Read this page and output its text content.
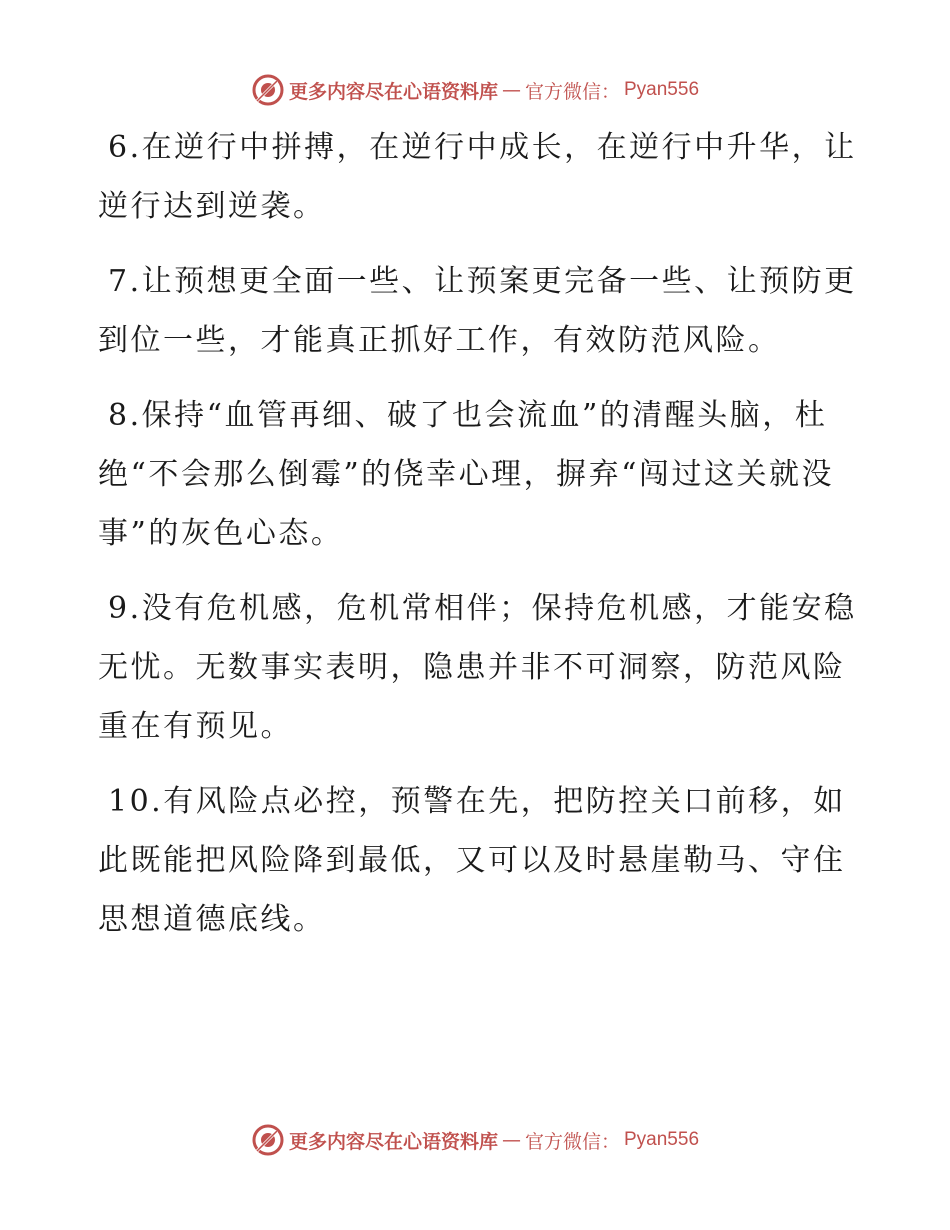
更多内容尽在心语资料库 — 官方微信： Pyan556

6.在逆行中拼搏，在逆行中成长，在逆行中升华，让逆行达到逆袭。

7.让预想更全面一些、让预案更完备一些、让预防更到位一些，才能真正抓好工作，有效防范风险。

8.保持“血管再细、破了也会流血”的清醒头脑，杜绝“不会那么倒霉”的侥幸心理，摒弃“闯过这关就没事”的灰色心态。

9.没有危机感，危机常相伴；保持危机感，才能安稳无忧。无数事实表明，隐患并非不可洞察，防范风险重在有预见。

10.有风险点必控，预警在先，把防控关口前移，如此既能把风险降到最低，又可以及时悬崖勒马、守住思想道德底线。

更多内容尽在心语资料库 — 官方微信： Pyan556
